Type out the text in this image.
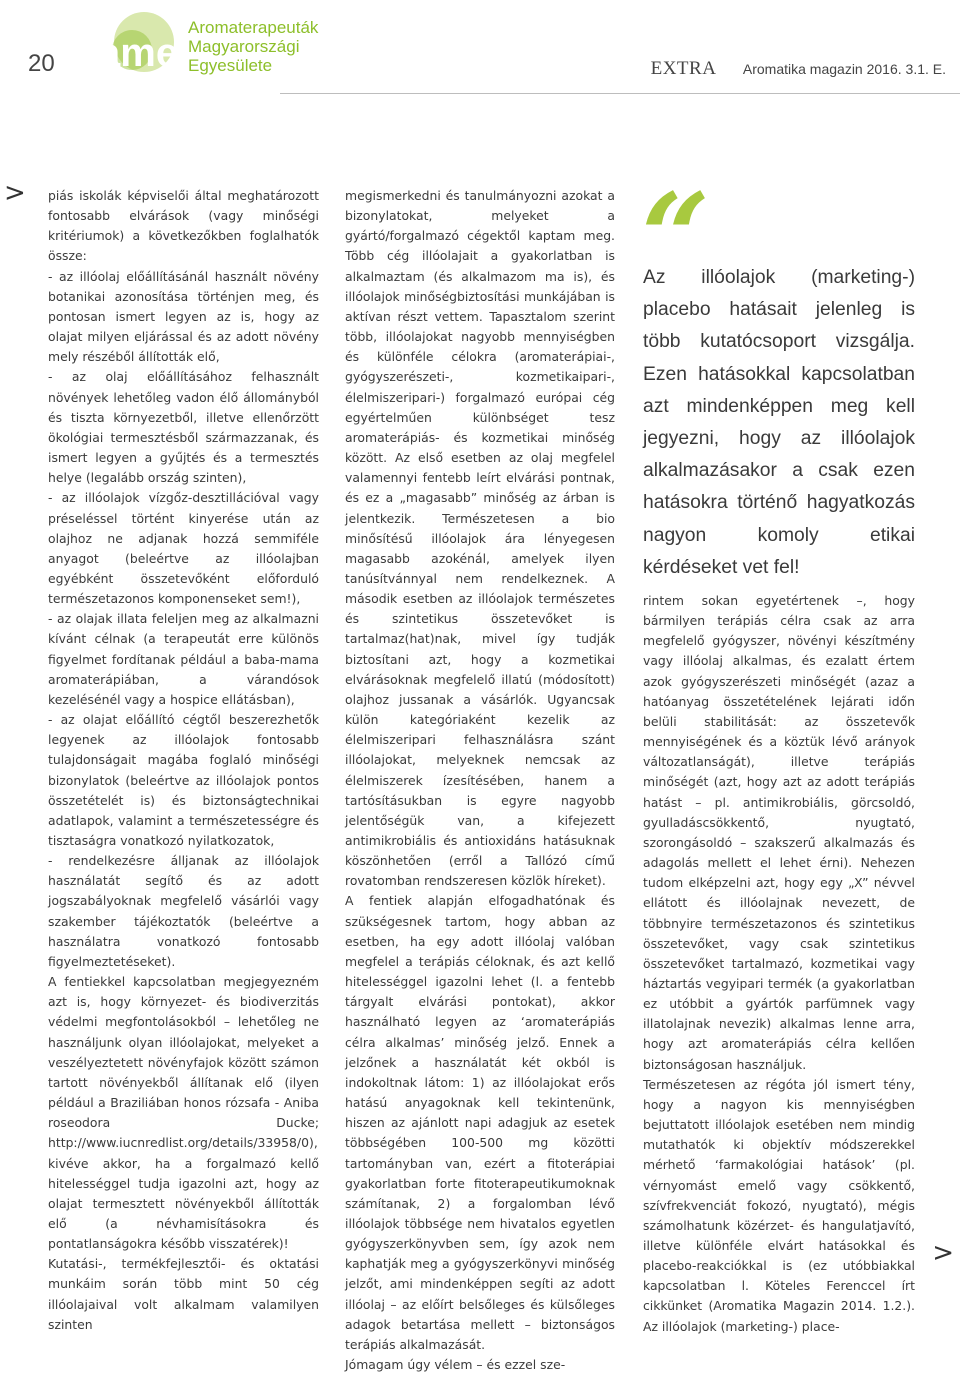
20 ame
Aromaterapeuták
Magyarországi
Egyesülete	EXTRA Aromatika magazin 2016. 3.1. E.
>
>

piás iskolák képviselői által meghatározott fontosabb elvárások (vagy minőségi kritériumok) a következőkben foglalhatók össze:

- az illóolaj előállításánál használt növény botanikai azonosítása történjen meg, és pontosan ismert legyen az is, hogy az olajat milyen eljárással és az adott növény mely részéből állították elő,

- az olaj előállításához felhasznált növények lehetőleg vadon élő állományból és tiszta környezetből, illetve ellenőrzött ökológiai termesztésből származzanak, és ismert legyen a gyűjtés és a termesztés helye (legalább ország szinten),

- az illóolajok vízgőz-desztillációval vagy préseléssel történt kinyerése után az olajhoz ne adjanak hozzá semmiféle anyagot (beleértve az illóolajban egyébként összetevőként előforduló természetazonos komponenseket sem!),

- az olajak illata feleljen meg az alkalmazni kívánt célnak (a terapeutát erre különös figyelmet fordítanak például a baba-mama aromaterápiában, a várandósok kezelésénél vagy a hospice ellátásban),

- az olajat előállító cégtől beszerezhetők legyenek az illóolajok fontosabb tulajdonságait magába foglaló minőségi bizonylatok (beleértve az illóolajok pontos összetételét is) és biztonságtechnikai adatlapok, valamint a természetességre és tisztaságra vonatkozó nyilatkozatok,

- rendelkezésre álljanak az illóolajok használatát segítő és az adott jogszabályoknak megfelelő vásárlói vagy szakember tájékoztatók (beleértve a használatra vonatkozó fontosabb figyelmeztetéseket).

A fentiekkel kapcsolatban megjegyezném azt is, hogy környezet- és biodiverzitás védelmi megfontolásokból – lehetőleg ne használjunk olyan illóolajokat, melyeket a veszélyeztetett növényfajok között számon tartott növényekből állítanak elő (ilyen például a Braziliában honos rózsafa - Aniba roseodora Ducke; http://www.iucnredlist.org/details/33958/0), kivéve akkor, ha a forgalmazó kellő hitelességgel tudja igazolni azt, hogy az olajat termesztett növényekből állították elő (a névhamisításokra és pontatlanságokra később visszatérek)!

Kutatási-, termékfejlesztői- és oktatási munkáim során több mint 50 cég illóolajaival volt alkalmam valamilyen szinten

megismerkedni és tanulmányozni azokat a bizonylatokat, melyeket a gyártó/forgalmazó cégektől kaptam meg. Több cég illóolajait a gyakorlatban is alkalmaztam (és alkalmazom ma is), és illóolajok minőségbiztosítási munkájában is aktívan részt vettem. Tapasztalom szerint több, illóolajokat nagyobb mennyiségben és különféle célokra (aromaterápiai-, gyógyszerészeti-, kozmetikaipari-, élelmiszeripari-) forgalmazó európai cég egyértelműen különbséget tesz aromaterápiás- és kozmetikai minőség között. Az első esetben az olaj megfelel valamennyi fentebb leírt elvárási pontnak, és ez a „magasabb” minőség az árban is jelentkezik. Természetesen a bio minősítésű illóolajok ára lényegesen magasabb azokénál, amelyek ilyen tanúsítvánnyal nem rendelkeznek. A második esetben az illóolajok természetes és szintetikus összetevőket is tartalmaz(hat)nak, mivel így tudják biztosítani azt, hogy a kozmetikai elvárásoknak megfelelő illatú (módosított) olajhoz jussanak a vásárlók. Ugyancsak külön kategóriaként kezelik az élelmiszeripari felhasználásra szánt illóolajokat, melyeknek nemcsak az élelmiszerek ízesítésében, hanem a tartósításukban is egyre nagyobb jelentőségük van, a kifejezett antimikrobiális és antioxidáns hatásuknak köszönhetően (erről a Tallózó című rovatomban rendszeresen közlök híreket).

A fentiek alapján elfogadhatónak és szükségesnek tartom, hogy abban az esetben, ha egy adott illóolaj valóban megfelel a terápiás céloknak, és azt kellő hitelességgel igazolni lehet (l. a fentebb tárgyalt elvárási pontokat), akkor használható legyen az ‘aromaterápiás célra alkalmas’ minőség jelző. Ennek a jelzőnek a használatát két okból is indokoltnak látom: 1) az illóolajokat erős hatású anyagoknak kell tekintenünk, hiszen az ajánlott napi adagjuk az esetek többségében 100-500 mg közötti tartományban van, ezért a fitoterápiai gyakorlatban forte fitoterapeutikumoknak számítanak, 2) a forgalomban lévő illóolajok többsége nem hivatalos egyetlen gyógyszerkönyvben sem, így azok nem kaphatják meg a gyógyszerkönyvi minőség jelzőt, ami mindenképpen segíti az adott illóolaj – az előírt belsőleges és külsőleges adagok betartása mellett – biztonságos terápiás alkalmazását.

Jómagam úgy vélem – és ezzel sze-

“
Az illóolajok (marketing-) placebo hatásait jelenleg is több kutatócsoport vizsgálja. Ezen hatásokkal kapcsolatban azt mindenképpen meg kell jegyezni, hogy az illóolajok alkalmazásakor a csak ezen hatásokra történő hagyatkozás nagyon komoly etikai kérdéseket vet fel!

rintem sokan egyetértenek –, hogy bármilyen terápiás célra csak az arra megfelelő gyógyszer, növényi készítmény vagy illóolaj alkalmas, és ezalatt értem azok gyógyszerészeti minőségét (azaz a hatóanyag összetételének lejárati időn belüli stabilitását: az összetevők mennyiségének és a köztük lévő arányok változatlanságát), illetve terápiás minőségét (azt, hogy azt az adott terápiás hatást – pl. antimikrobiális, görcsoldó, gyulladáscsökkentő, nyugtató, szorongásoldó – szakszerű alkalmazás és adagolás mellett el lehet érni). Nehezen tudom elképzelni azt, hogy egy „X” névvel ellátott és illóolajnak nevezett, de többnyire természetazonos és szintetikus összetevőket, vagy csak szintetikus összetevőket tartalmazó, kozmetikai vagy háztartás vegyipari termék (a gyakorlatban ez utóbbit a gyártók parfümnek vagy illatolajnak nevezik) alkalmas lenne arra, hogy azt aromaterápiás célra kellően biztonságosan használjuk.

Természetesen az régóta jól ismert tény, hogy a nagyon kis mennyiségben bejuttatott illóolajok esetében nem mindig mutathatók ki objektív módszerekkel mérhető ‘farmakológiai hatások’ (pl. vérnyomást emelő vagy csökkentő, szívfrekvenciát fokozó, nyugtató), mégis számolhatunk közérzet- és hangulatjavító, illetve különféle elvárt hatásokkal és placebo-reakciókkal is (ez utóbbiakkal kapcsolatban l. Köteles Ferenccel írt cikkünket (Aromatika Magazin 2014. 1.2.). Az illóolajok (marketing-) place-
